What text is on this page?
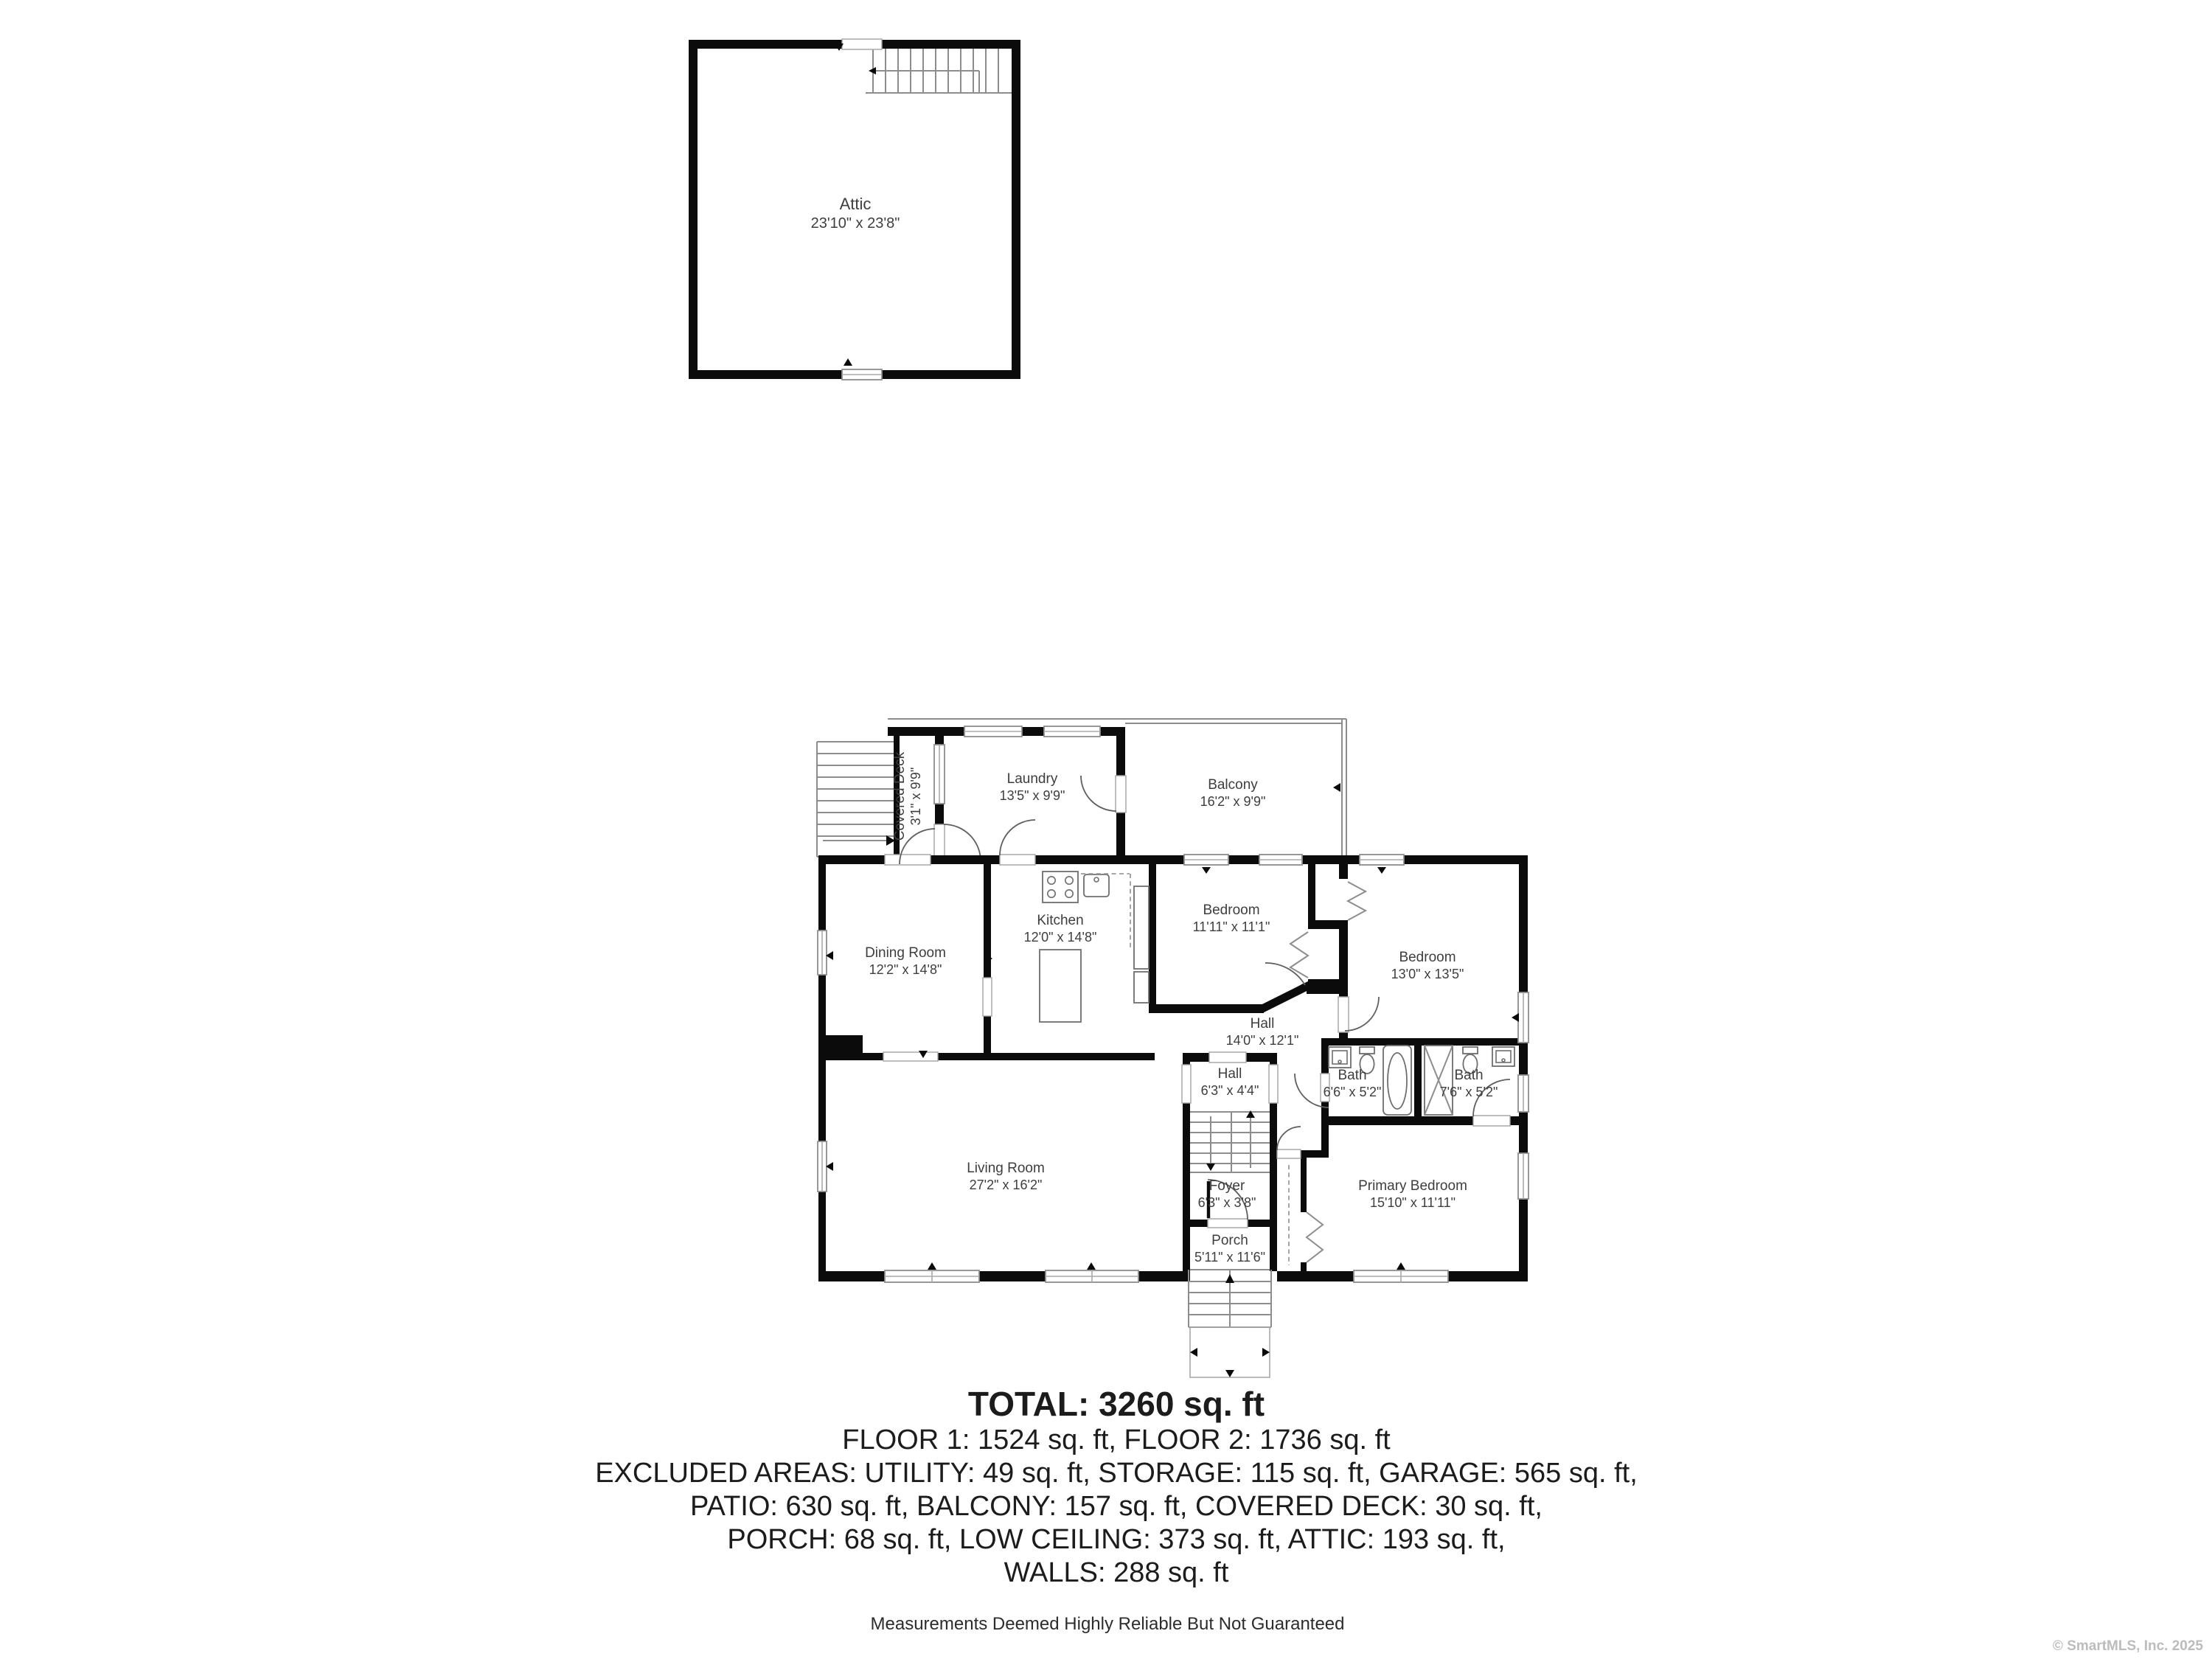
Attic
23'10" x 23'8"
Covered Deck 3'1" x 9'9"	Laundry
13'5" x 9'9"
Balcony
16'2" x 9'9"
Dining Room
12'2" x 14'8"
Kitchen
12'0" x 14'8"
Bedroom
11'11" x 11'1"
Bedroom
13'0" x 13'5"
Hall
14'0" x 12'1"
Bath
6'6" x 5'2"
Bath
7'6" x 5'2"
Living Room
27'2" x 16'2"
Hall
6'3" x 4'4"
Foyer
6'3" x 3'8"
Porch
5'11" x 11'6"
Primary Bedroom
15'10" x 11'11"
TOTAL: 3260 sq. ft
FLOOR 1: 1524 sq. ft, FLOOR 2: 1736 sq. ft
EXCLUDED AREAS: UTILITY: 49 sq. ft, STORAGE: 115 sq. ft, GARAGE: 565 sq. ft,
PATIO: 630 sq. ft, BALCONY: 157 sq. ft, COVERED DECK: 30 sq. ft,
PORCH: 68 sq. ft, LOW CEILING: 373 sq. ft, ATTIC: 193 sq. ft,
WALLS: 288 sq. ft
Measurements Deemed Highly Reliable But Not Guaranteed
© SmartMLS, Inc. 2025
